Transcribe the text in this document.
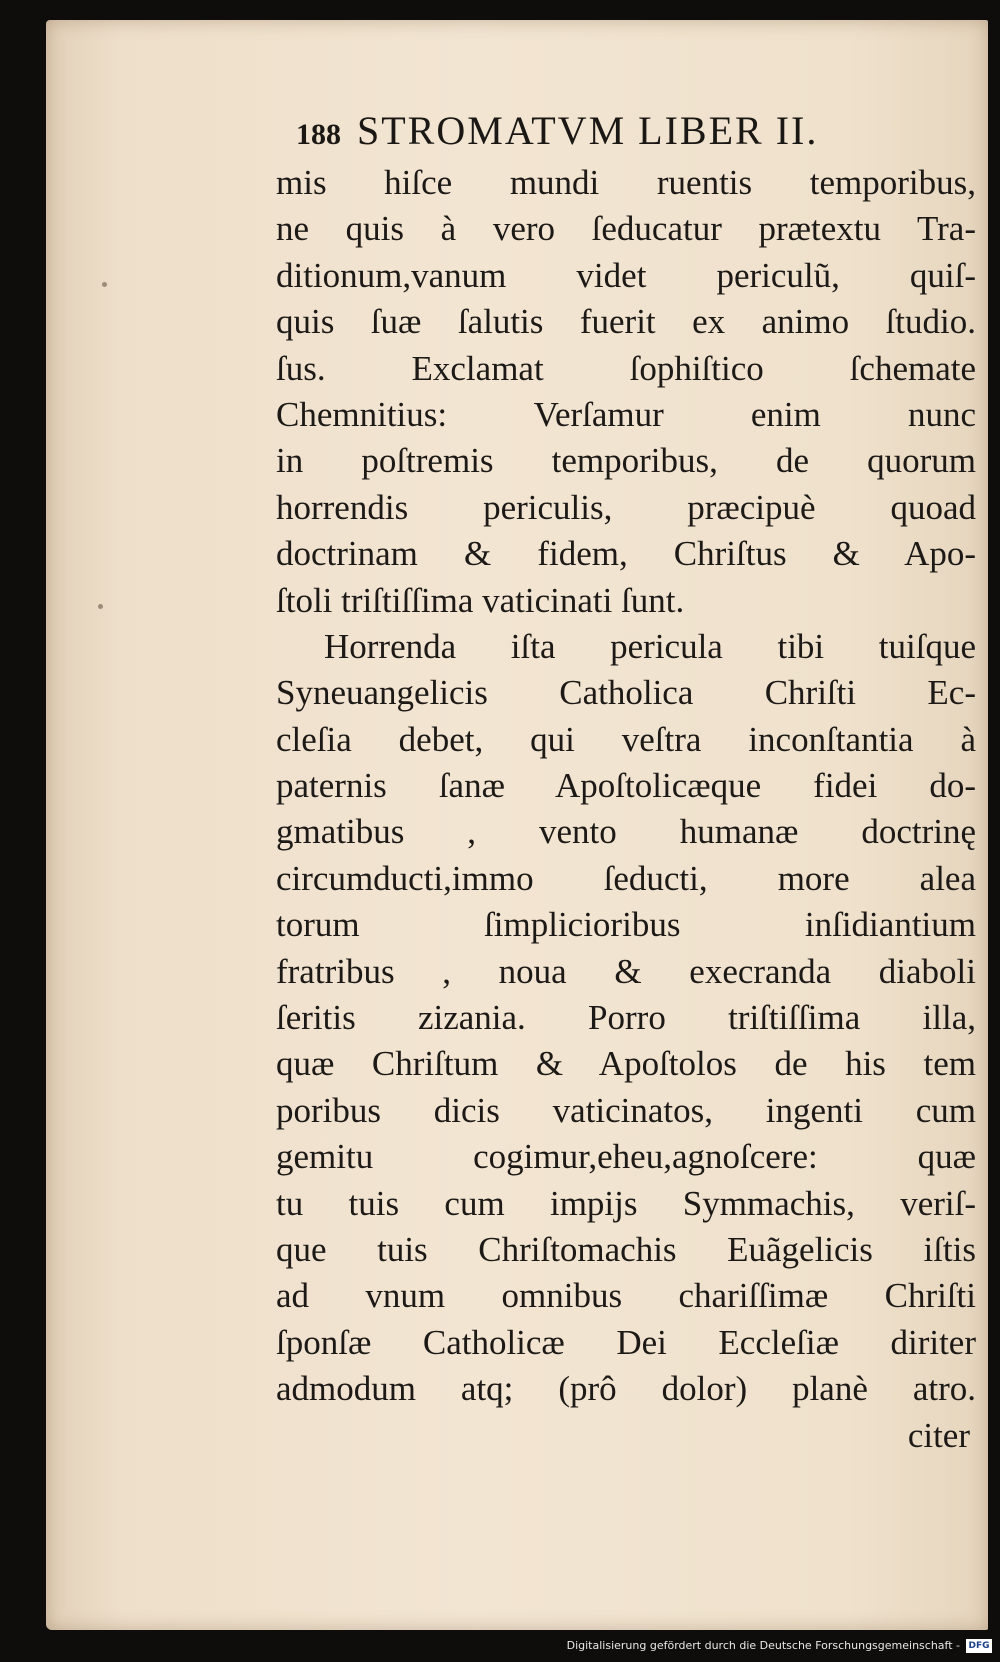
188 STROMATVM LIBER II.
mis hiſce mundi ruentis temporibus,
ne quis à vero ſeducatur prætextu Tra-
ditionum,vanum videt periculũ, quiſ-
quis ſuæ ſalutis fuerit ex animo ſtudio.
ſus. Exclamat ſophiſtico ſchemate
Chemnitius: Verſamur enim nunc
in poſtremis temporibus, de quorum
horrendis periculis, præcipuè quoad
doctrinam & fidem, Chriſtus & Apo-
ſtoli triſtiſſima vaticinati ſunt.
Horrenda iſta pericula tibi tuiſque
Syneuangelicis Catholica Chriſti Ec-
cleſia debet, qui veſtra inconſtantia à
paternis ſanæ Apoſtolicæque fidei do-
gmatibus , vento humanæ doctrinę
circumducti,immo ſeducti, more alea
torum ſimplicioribus inſidiantium
fratribus , noua & execranda diaboli
ſeritis zizania. Porro triſtiſſima illa,
quæ Chriſtum & Apoſtolos de his tem
poribus dicis vaticinatos, ingenti cum
gemitu cogimur,eheu,agnoſcere: quæ
tu tuis cum impijs Symmachis, veriſ-
que tuis Chriſtomachis Euãgelicis iſtis
ad vnum omnibus chariſſimæ Chriſti
ſponſæ Catholicæ Dei Eccleſiæ diriter
admodum atq; (prô dolor) planè atro.
citer
Digitalisierung gefördert durch die Deutsche Forschungsgemeinschaft - DFG
